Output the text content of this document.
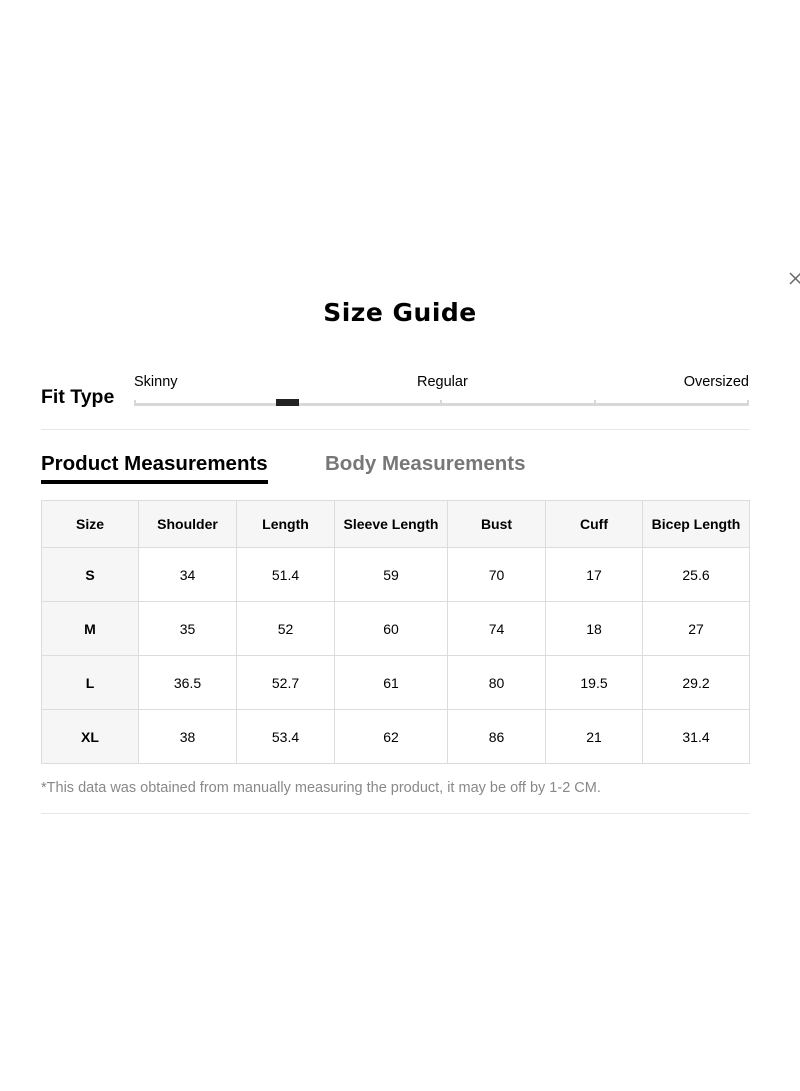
Size Guide
Fit Type
Skinny	Regular	Oversized
Product Measurements	Body Measurements
Size	Shoulder	Length	Sleeve Length	Bust	Cuff	Bicep Length
S	34	51.4	59	70	17	25.6
M	35	52	60	74	18	27
L	36.5	52.7	61	80	19.5	29.2
XL	38	53.4	62	86	21	31.4
*This data was obtained from manually measuring the product, it may be off by 1-2 CM.
